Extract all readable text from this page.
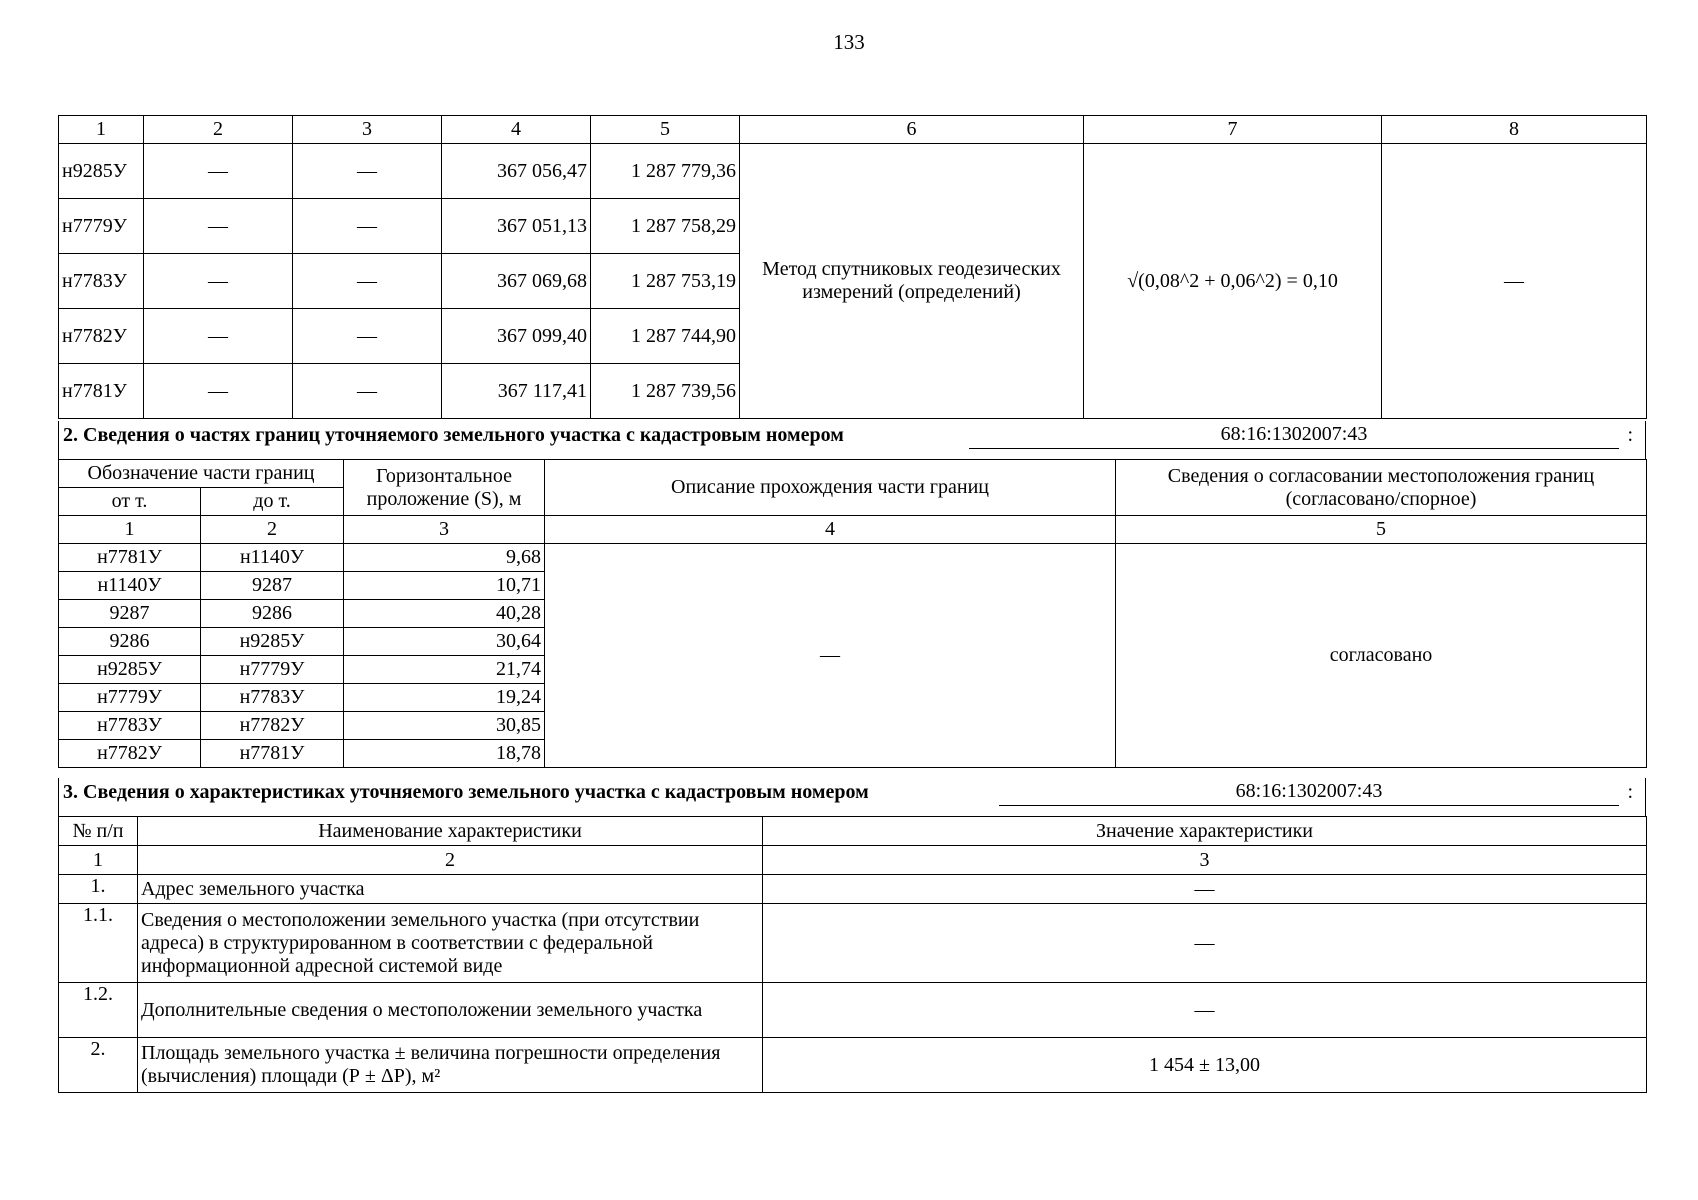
133
1	2	3	4	5	6	7	8
н9285У	—	—	367 056,47	1 287 779,36	Метод спутниковых геодезических измерений (определений)	√(0,08^2 + 0,06^2) = 0,10	—
н7779У	—	—	367 051,13	1 287 758,29			
н7783У	—	—	367 069,68	1 287 753,19			
н7782У	—	—	367 099,40	1 287 744,90			
н7781У	—	—	367 117,41	1 287 739,56			
2. Сведения о частях границ уточняемого земельного участка с кадастровым номером	68:16:1302007:43	:
Обозначение части границ		Горизонтальное проложение (S), м	Описание прохождения части границ	Сведения о согласовании местоположения границ (согласовано/спорное)
от т.	до т.			
1	2	3	4	5
н7781У	н1140У	9,68	—	согласовано
н1140У	9287	10,71		
9287	9286	40,28		
9286	н9285У	30,64		
н9285У	н7779У	21,74		
н7779У	н7783У	19,24		
н7783У	н7782У	30,85		
н7782У	н7781У	18,78		
3. Сведения о характеристиках уточняемого земельного участка с кадастровым номером	68:16:1302007:43	:
№ п/п	Наименование характеристики	Значение характеристики
1	2	3
1.	Адрес земельного участка	—
1.1.	Сведения о местоположении земельного участка (при отсутствии адреса) в структурированном в соответствии с федеральной информационной адресной системой виде	—
1.2.	Дополнительные сведения о местоположении земельного участка	—
2.	Площадь земельного участка ± величина погрешности определения (вычисления) площади (Р ± ΔР), м²	1 454 ± 13,00
